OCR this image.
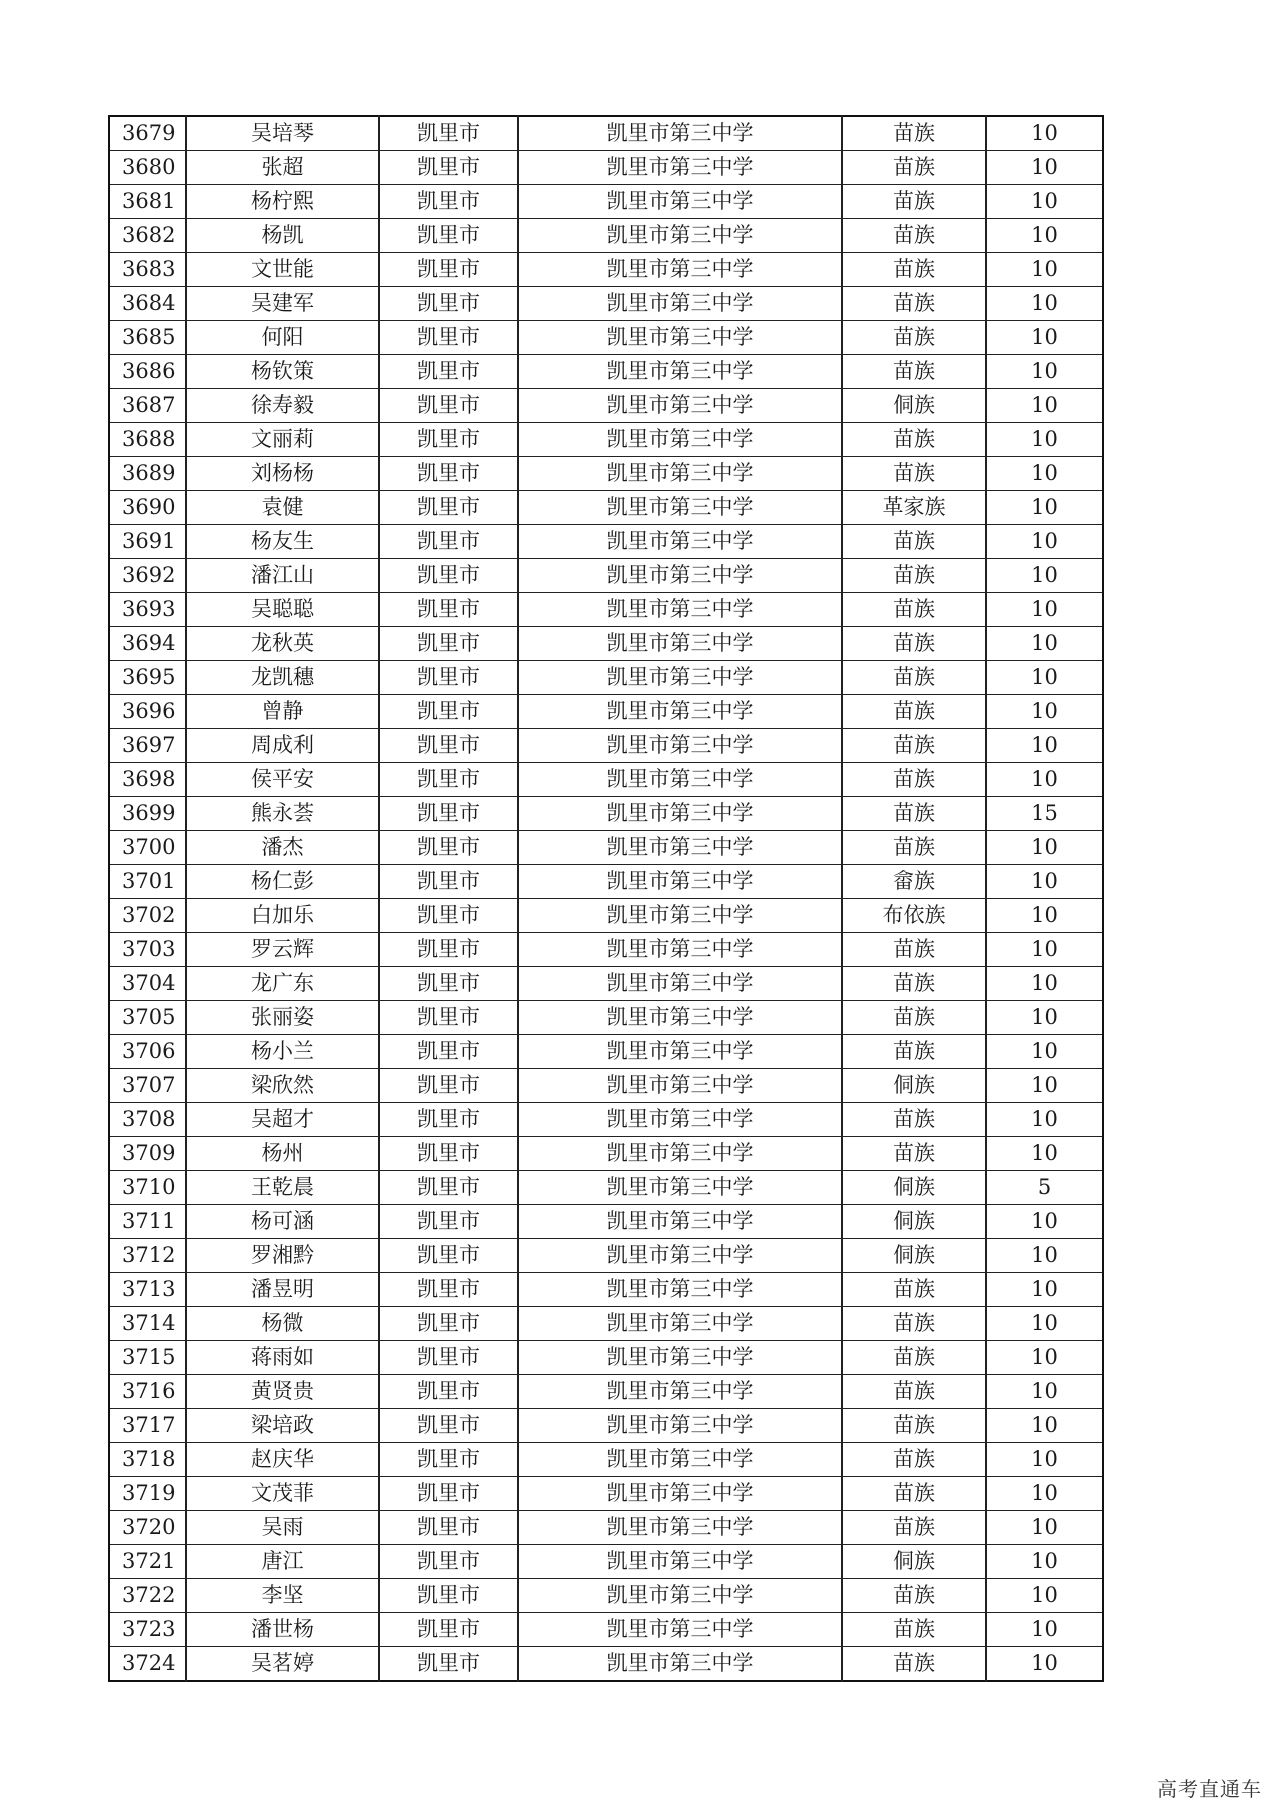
3679	吴培琴	凯里市	凯里市第三中学	苗族	10
3680	张超	凯里市	凯里市第三中学	苗族	10
3681	杨柠熙	凯里市	凯里市第三中学	苗族	10
3682	杨凯	凯里市	凯里市第三中学	苗族	10
3683	文世能	凯里市	凯里市第三中学	苗族	10
3684	吴建军	凯里市	凯里市第三中学	苗族	10
3685	何阳	凯里市	凯里市第三中学	苗族	10
3686	杨钦策	凯里市	凯里市第三中学	苗族	10
3687	徐寿毅	凯里市	凯里市第三中学	侗族	10
3688	文丽莉	凯里市	凯里市第三中学	苗族	10
3689	刘杨杨	凯里市	凯里市第三中学	苗族	10
3690	袁健	凯里市	凯里市第三中学	革家族	10
3691	杨友生	凯里市	凯里市第三中学	苗族	10
3692	潘江山	凯里市	凯里市第三中学	苗族	10
3693	吴聪聪	凯里市	凯里市第三中学	苗族	10
3694	龙秋英	凯里市	凯里市第三中学	苗族	10
3695	龙凯穗	凯里市	凯里市第三中学	苗族	10
3696	曾静	凯里市	凯里市第三中学	苗族	10
3697	周成利	凯里市	凯里市第三中学	苗族	10
3698	侯平安	凯里市	凯里市第三中学	苗族	10
3699	熊永荟	凯里市	凯里市第三中学	苗族	15
3700	潘杰	凯里市	凯里市第三中学	苗族	10
3701	杨仁彭	凯里市	凯里市第三中学	畲族	10
3702	白加乐	凯里市	凯里市第三中学	布依族	10
3703	罗云辉	凯里市	凯里市第三中学	苗族	10
3704	龙广东	凯里市	凯里市第三中学	苗族	10
3705	张丽姿	凯里市	凯里市第三中学	苗族	10
3706	杨小兰	凯里市	凯里市第三中学	苗族	10
3707	梁欣然	凯里市	凯里市第三中学	侗族	10
3708	吴超才	凯里市	凯里市第三中学	苗族	10
3709	杨州	凯里市	凯里市第三中学	苗族	10
3710	王乾晨	凯里市	凯里市第三中学	侗族	5
3711	杨可涵	凯里市	凯里市第三中学	侗族	10
3712	罗湘黔	凯里市	凯里市第三中学	侗族	10
3713	潘昱明	凯里市	凯里市第三中学	苗族	10
3714	杨微	凯里市	凯里市第三中学	苗族	10
3715	蒋雨如	凯里市	凯里市第三中学	苗族	10
3716	黄贤贵	凯里市	凯里市第三中学	苗族	10
3717	梁培政	凯里市	凯里市第三中学	苗族	10
3718	赵庆华	凯里市	凯里市第三中学	苗族	10
3719	文茂菲	凯里市	凯里市第三中学	苗族	10
3720	吴雨	凯里市	凯里市第三中学	苗族	10
3721	唐江	凯里市	凯里市第三中学	侗族	10
3722	李坚	凯里市	凯里市第三中学	苗族	10
3723	潘世杨	凯里市	凯里市第三中学	苗族	10
3724	吴茗婷	凯里市	凯里市第三中学	苗族	10
高考直通车
